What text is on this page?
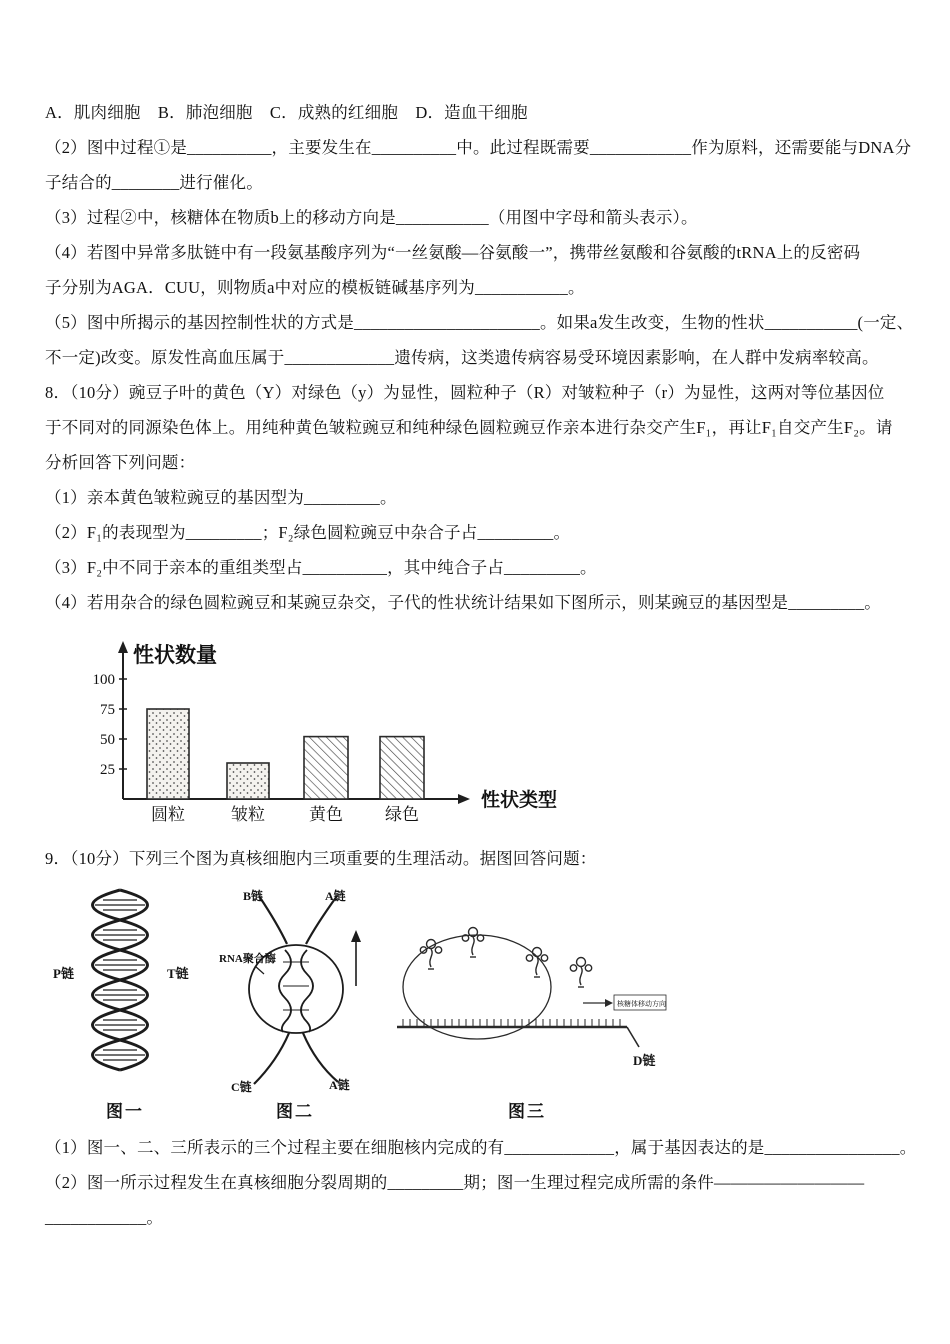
A．肌肉细胞    B．肺泡细胞    C．成熟的红细胞    D．造血干细胞
（2）图中过程①是__________，主要发生在__________中。此过程既需要____________作为原料，还需要能与DNA分
子结合的________进行催化。
（3）过程②中，核糖体在物质b上的移动方向是___________（用图中字母和箭头表示）。
（4）若图中异常多肽链中有一段氨基酸序列为“一丝氨酸—谷氨酸一”，携带丝氨酸和谷氨酸的tRNA上的反密码
子分别为AGA．CUU，则物质a中对应的模板链碱基序列为___________。
（5）图中所揭示的基因控制性状的方式是______________________。如果a发生改变，生物的性状___________(一定、
不一定)改变。原发性高血压属于_____________遗传病，这类遗传病容易受环境因素影响，在人群中发病率较高。
8．（10分）豌豆子叶的黄色（Y）对绿色（y）为显性，圆粒种子（R）对皱粒种子（r）为显性，这两对等位基因位
于不同对的同源染色体上。用纯种黄色皱粒豌豆和纯种绿色圆粒豌豆作亲本进行杂交产生F₁，再让F₁自交产生F₂。请
分析回答下列问题：
（1）亲本黄色皱粒豌豆的基因型为_________。
（2）F₁的表现型为_________；F₂绿色圆粒豌豆中杂合子占_________。
（3）F₂中不同于亲本的重组类型占__________，其中纯合子占_________。
（4）若用杂合的绿色圆粒豌豆和某豌豆杂交，子代的性状统计结果如下图所示，则某豌豆的基因型是_________。
性状数量
性状类型
100
75
50
25
圆粒	皱粒	黄色 绿色
9．（10分）下列三个图为真核细胞内三项重要的生理活动。据图回答问题：
P链	T链
图一
B链	A链
RNA聚合酶
C链	A链
图二
核糖体移动方向
D链
图三
（1）图一、二、三所表示的三个过程主要在细胞核内完成的有_____________，属于基因表达的是________________。
（2）图一所示过程发生在真核细胞分裂周期的_________期；图一生理过程完成所需的条件—————————
____________。
